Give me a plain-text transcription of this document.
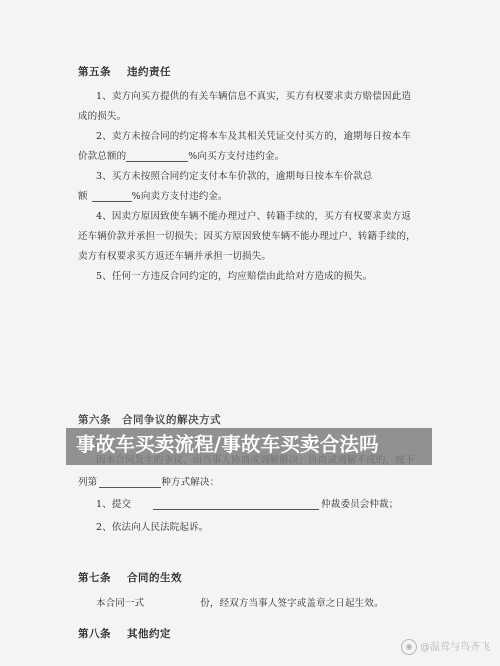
第五条 违约责任
1、卖方向买方提供的有关车辆信息不真实，买方有权要求卖方赔偿因此造
成的损失。
2、卖方未按合同的约定将本车及其相关凭证交付买方的，逾期每日按本车
价款总额的	%向买方支付违约金。
3、买方未按照合同约定支付本车价款的，逾期每日按本车价款总
额	%向卖方支付违约金。
4、因卖方原因致使车辆不能办理过户、转籍手续的，买方有权要求卖方返
还车辆价款并承担一切损失；因买方原因致使车辆不能办理过户、转籍手续的，
卖方有权要求买方返还车辆并承担一切损失。
5、任何一方违反合同约定的，均应赔偿由此给对方造成的损失。
第六条　合同争议的解决方式
列第	种方式解决：
1、提交	仲裁委员会仲裁；
2、依法向人民法院起诉。
第七条 合同的生效
本合同一式	份，经双方当事人签字或盖章之日起生效。
第八条 其他约定
事故车买卖流程/事故车买卖合法吗
◉ @温莺与鸟齐飞
